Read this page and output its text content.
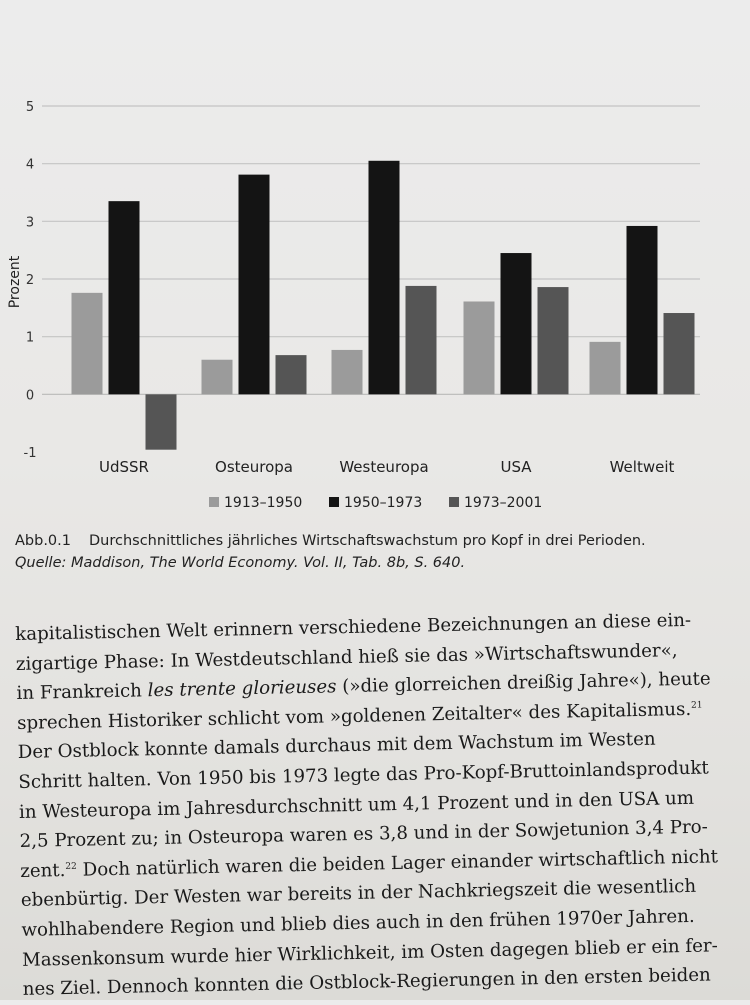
5
4
3
2
1
0
-1
UdSSR	Osteuropa	Westeuropa	USA	Weltweit
Prozent
1913–1950	1950–1973	1973–2001
Abb.0.1 Durchschnittliches jährliches Wirtschaftswachstum pro Kopf in drei Perioden.
Quelle: Maddison, The World Economy. Vol. II, Tab. 8b, S. 640.
kapitalistischen Welt erinnern verschiedene Bezeichnungen an diese ein-
zigartige Phase: In Westdeutschland hieß sie das »Wirtschaftswunder«,
in Frankreich les trente glorieuses (»die glorreichen dreißig Jahre«), heute
sprechen Historiker schlicht vom »goldenen Zeitalter« des Kapitalismus.$^{21}$
Der Ostblock konnte damals durchaus mit dem Wachstum im Westen
Schritt halten. Von 1950 bis 1973 legte das Pro-Kopf-Bruttoinlandsprodukt
in Westeuropa im Jahresdurchschnitt um 4,1 Prozent und in den USA um
2,5 Prozent zu; in Osteuropa waren es 3,8 und in der Sowjetunion 3,4 Pro-
zent.$^{22}$ Doch natürlich waren die beiden Lager einander wirtschaftlich nicht
ebenbürtig. Der Westen war bereits in der Nachkriegszeit die wesentlich
wohlhabendere Region und blieb dies auch in den frühen 1970er Jahren.
Massenkonsum wurde hier Wirklichkeit, im Osten dagegen blieb er ein fer-
nes Ziel. Dennoch konnten die Ostblock-Regierungen in den ersten beiden
